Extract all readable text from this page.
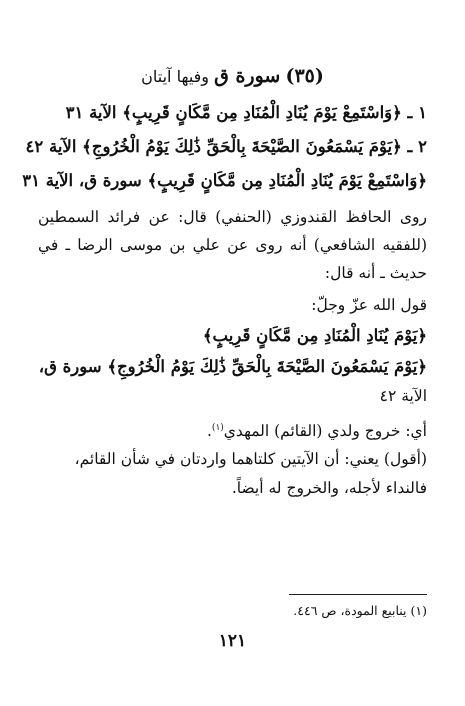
(٣٥) سورة ق وفيها آيتان
١ ـ ﴿وَاسْتَمِعْ يَوْمَ يُنَادِ الْمُنَادِ مِن مَّكَانٍ قَرِيبٍ﴾ الآية ٣١
٢ ـ ﴿يَوْمَ يَسْمَعُونَ الصَّيْحَةَ بِالْحَقِّ ذَٰلِكَ يَوْمُ الْخُرُوجِ﴾ الآية ٤٢
﴿وَاسْتَمِعْ يَوْمَ يُنَادِ الْمُنَادِ مِن مَّكَانٍ قَرِيبٍ﴾ سورة ق، الآية ٣١
روى الحافظ القندوزي (الحنفي) قال: عن فرائد السمطين
(للفقيه الشافعي) أنه روى عن علي بن موسى الرضا ـ في
حديث ـ أنه قال:
قول الله عزّ وجلّ:
﴿يَوْمَ يُنَادِ الْمُنَادِ مِن مَّكَانٍ قَرِيبٍ﴾
﴿يَوْمَ يَسْمَعُونَ الصَّيْحَةَ بِالْحَقِّ ذَٰلِكَ يَوْمُ الْخُرُوجِ﴾ سورة ق،
الآية ٤٢
أي: خروج ولدي (القائم) المهدي$^{(١)}$.
(أقول) يعني: أن الآيتين كلتاهما واردتان في شأن القائم،
فالنداء لأجله، والخروج له أيضاً.
(١) ينابيع المودة، ص ٤٤٦.
١٢١
